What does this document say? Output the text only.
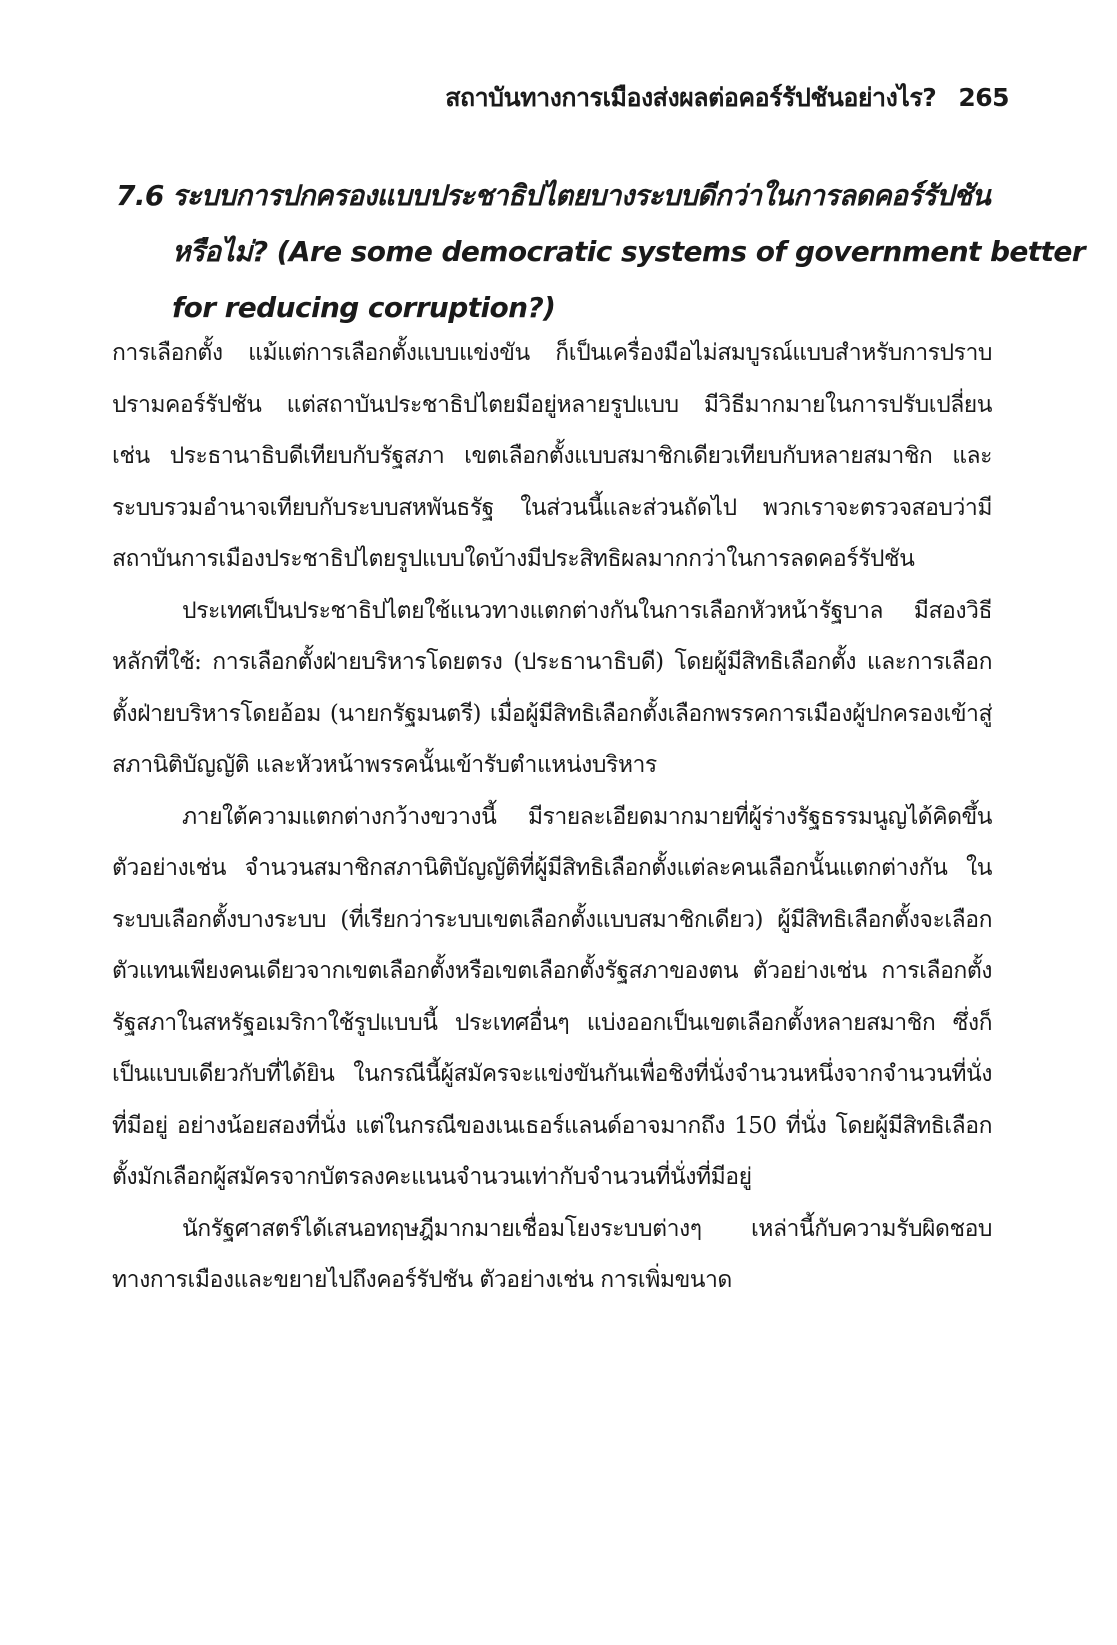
สถาบันทางการเมืองส่งผลต่อคอร์รัปชันอย่างไร? 265
7.6 ระบบการปกครองแบบประชาธิปไตยบางระบบดีกว่าในการลดคอร์รัปชัน
หรือไม่? (Are some democratic systems of government better
for reducing corruption?)

การเลือกตั้ง แม้แต่การเลือกตั้งแบบแข่งขัน ก็เป็นเครื่องมือไม่สมบูรณ์แบบสำหรับการปราบปรามคอร์รัปชัน แต่สถาบันประชาธิปไตยมีอยู่หลายรูปแบบ มีวิธีมากมายในการปรับเปลี่ยน เช่น ประธานาธิบดีเทียบกับรัฐสภา เขตเลือกตั้งแบบสมาชิกเดียวเทียบกับหลายสมาชิก และระบบรวมอำนาจเทียบกับระบบสหพันธรัฐ ในส่วนนี้และส่วนถัดไป พวกเราจะตรวจสอบว่ามีสถาบันการเมืองประชาธิปไตยรูปแบบใดบ้างมีประสิทธิผลมากกว่าในการลดคอร์รัปชัน

ประเทศเป็นประชาธิปไตยใช้แนวทางแตกต่างกันในการเลือกหัวหน้ารัฐบาล มีสองวิธีหลักที่ใช้: การเลือกตั้งฝ่ายบริหารโดยตรง (ประธานาธิบดี) โดยผู้มีสิทธิเลือกตั้ง และการเลือกตั้งฝ่ายบริหารโดยอ้อม (นายกรัฐมนตรี) เมื่อผู้มีสิทธิเลือกตั้งเลือกพรรคการเมืองผู้ปกครองเข้าสู่สภานิติบัญญัติ และหัวหน้าพรรคนั้นเข้ารับตำแหน่งบริหาร

ภายใต้ความแตกต่างกว้างขวางนี้ มีรายละเอียดมากมายที่ผู้ร่างรัฐธรรมนูญได้คิดขึ้น ตัวอย่างเช่น จำนวนสมาชิกสภานิติบัญญัติที่ผู้มีสิทธิเลือกตั้งแต่ละคนเลือกนั้นแตกต่างกัน ในระบบเลือกตั้งบางระบบ (ที่เรียกว่าระบบเขตเลือกตั้งแบบสมาชิกเดียว) ผู้มีสิทธิเลือกตั้งจะเลือกตัวแทนเพียงคนเดียวจากเขตเลือกตั้งหรือเขตเลือกตั้งรัฐสภาของตน ตัวอย่างเช่น การเลือกตั้งรัฐสภาในสหรัฐอเมริกาใช้รูปแบบนี้ ประเทศอื่นๆ แบ่งออกเป็นเขตเลือกตั้งหลายสมาชิก ซึ่งก็เป็นแบบเดียวกับที่ได้ยิน ในกรณีนี้ผู้สมัครจะแข่งขันกันเพื่อชิงที่นั่งจำนวนหนึ่งจากจำนวนที่นั่งที่มีอยู่ อย่างน้อยสองที่นั่ง แต่ในกรณีของเนเธอร์แลนด์อาจมากถึง 150 ที่นั่ง โดยผู้มีสิทธิเลือกตั้งมักเลือกผู้สมัครจากบัตรลงคะแนนจำนวนเท่ากับจำนวนที่นั่งที่มีอยู่

นักรัฐศาสตร์ได้เสนอทฤษฎีมากมายเชื่อมโยงระบบต่างๆ เหล่านี้กับความรับผิดชอบทางการเมืองและขยายไปถึงคอร์รัปชัน ตัวอย่างเช่น การเพิ่มขนาด
